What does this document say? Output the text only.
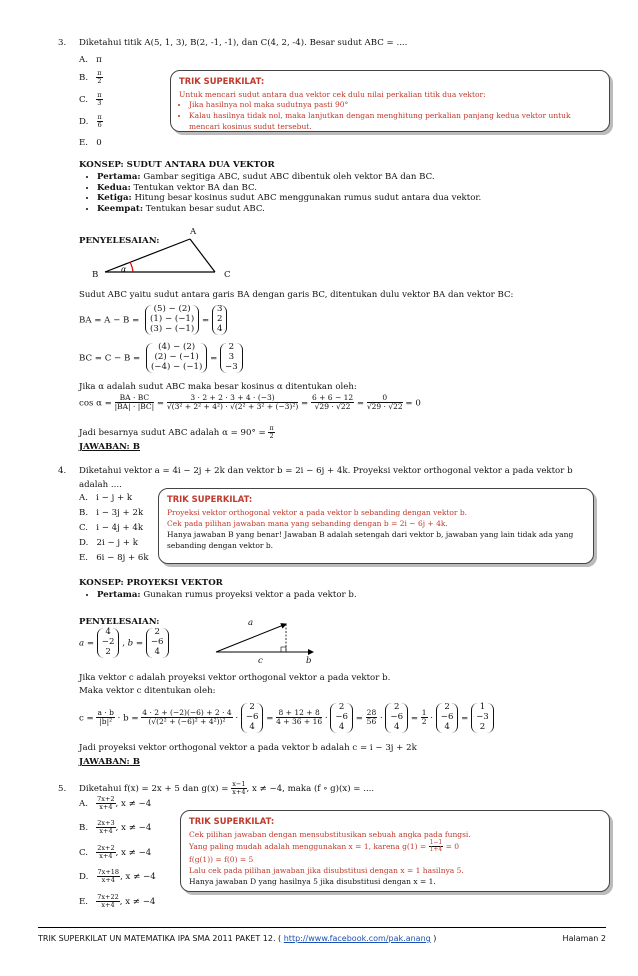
3. Diketahui titik A(5, 1, 3), B(2, -1, -1), dan C(4, 2, -4). Besar sudut ABC = ....
A. π
B. $\frac{\pi}{2}$
C. $\frac{\pi}{3}$
D. $\frac{\pi}{6}$
E. 0
TRIK SUPERKILAT:

Untuk mencari sudut antara dua vektor cek dulu nilai perkalian titik dua vektor:

• Jika hasilnya nol maka sudutnya pasti 90°
• Kalau hasilnya tidak nol, maka lanjutkan dengan menghitung perkalian panjang kedua vektor untuk mencari kosinus sudut tersebut.
KONSEP: SUDUT ANTARA DUA VEKTOR
• Pertama: Gambar segitiga ABC, sudut ABC dibentuk oleh vektor BA dan BC.
• Kedua: Tentukan vektor BA dan BC.
• Ketiga: Hitung besar kosinus sudut ABC menggunakan rumus sudut antara dua vektor.
• Keempat: Tentukan besar sudut ABC.
PENYELESAIAN:
A
B	C
α
Sudut ABC yaitu sudut antara garis BA dengan garis BC, ditentukan dulu vektor BA dan vektor BC:
BA = A − B =
(5) − (2)
(1) − (−1)
(3) − (−1)
=
3
2
4
BC = C − B =
(4) − (2)
(2) − (−1)
(−4) − (−1)
=
2
3
−3
Jika α adalah sudut ABC maka besar kosinus α ditentukan oleh:
$\cos \alpha = \frac{BA \cdot BC}{|BA| \cdot |BC|} = \frac{3 \cdot 2 + 2 \cdot 3 + 4 \cdot (-3)}{\text{√(3² + 2² + 4²) · √(2² + 3² + (−3)²)}} = \frac{6 + 6 - 12}{√29 \cdot √22} = \frac{0}{√29 \cdot √22} = 0$
Jadi besarnya sudut ABC adalah $\alpha = 90^\circ = \frac{\pi}{2}$
JAWABAN: B
4. Diketahui vektor a = 4i − 2j + 2k dan vektor b = 2i − 6j + 4k. Proyeksi vektor orthogonal vektor a pada vektor b
adalah ....
A. i − j + k
B. i − 3j + 2k
C. i − 4j + 4k
D. 2i − j + k
E. 6i − 8j + 6k
TRIK SUPERKILAT:

Proyeksi vektor orthogonal vektor a pada vektor b sebanding dengan vektor b.

Cek pada pilihan jawaban mana yang sebanding dengan b = 2i − 6j + 4k.

Hanya jawaban B yang benar! Jawaban B adalah setengah dari vektor b, jawaban yang lain tidak ada yang sebanding dengan vektor b.

KONSEP: PROYEKSI VEKTOR
• Pertama: Gunakan rumus proyeksi vektor a pada vektor b.
PENYELESAIAN:
a =
4
−2
2
, b =
2
−6
4
a
c	b
Jika vektor c adalah proyeksi vektor orthogonal vektor a pada vektor b.
Maka vektor c ditentukan oleh:
$c = \frac{a \cdot b}{\text{|b|²}} \cdot b = \frac{4 \cdot 2 + (-2)(-6) + 2 \cdot 4}{\text{(√(2² + (−6)² + 4²))²}}$ ·
2
−6
4
= $\frac{8 + 12 + 8}{4 + 36 + 16}$ ·
2
−6
4
= $\frac{28}{56}$ ·
2
−6
4
= $\frac{1}{2}$ ·
2
−6
4
=
1
−3
2
Jadi proyeksi vektor orthogonal vektor a pada vektor b adalah c = i − 3j + 2k
JAWABAN: B
5. Diketahui f(x) = 2x + 5 dan $g(x) = \frac{x-1}{x+4}$ , x ≠ −4, maka (f ∘ g)(x) = ....
A. $\frac{7x+2}{x+4}$ , x ≠ −4
B. $\frac{2x+3}{x+4}$ , x ≠ −4
C. $\frac{2x+2}{x+4}$ , x ≠ −4
D. $\frac{7x+18}{x+4}$ , x ≠ −4
E. $\frac{7x+22}{x+4}$ , x ≠ −4
TRIK SUPERKILAT:

Cek pilihan jawaban dengan mensubstitusikan sebuah angka pada fungsi.

Yang paling mudah adalah menggunakan x = 1, karena $g(1) = \frac{1-1}{1+4} = 0$

f(g(1)) = f(0) = 5

Lalu cek pada pilihan jawaban jika disubstitusi dengan x = 1 hasilnya 5.

Hanya jawaban D yang hasilnya 5 jika disubstitusi dengan x = 1.

TRIK SUPERKILAT UN MATEMATIKA IPA SMA 2011 PAKET 12. ( http://www.facebook.com/pak.anang )	Halaman 2
